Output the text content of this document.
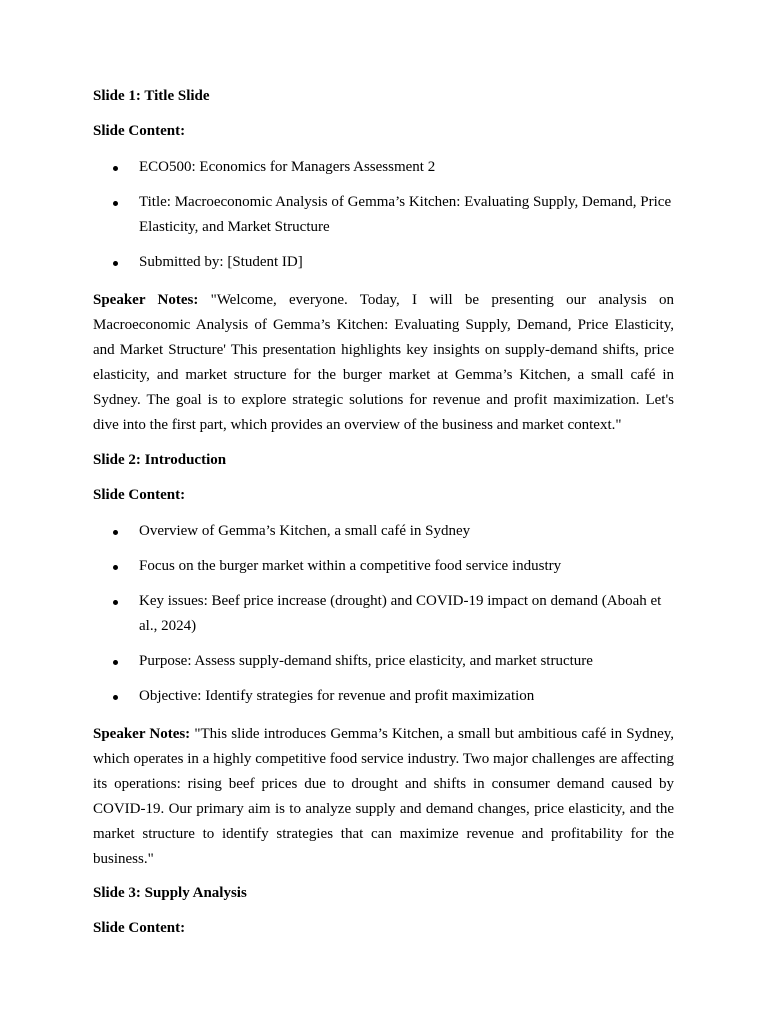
Slide 1: Title Slide
Slide Content:
ECO500: Economics for Managers Assessment 2
Title: Macroeconomic Analysis of Gemma’s Kitchen: Evaluating Supply, Demand, Price Elasticity, and Market Structure
Submitted by: [Student ID]

Speaker Notes: "Welcome, everyone. Today, I will be presenting our analysis on Macroeconomic Analysis of Gemma’s Kitchen: Evaluating Supply, Demand, Price Elasticity, and Market Structure' This presentation highlights key insights on supply-demand shifts, price elasticity, and market structure for the burger market at Gemma’s Kitchen, a small café in Sydney. The goal is to explore strategic solutions for revenue and profit maximization. Let's dive into the first part, which provides an overview of the business and market context."

Slide 2: Introduction
Slide Content:
Overview of Gemma’s Kitchen, a small café in Sydney
Focus on the burger market within a competitive food service industry
Key issues: Beef price increase (drought) and COVID-19 impact on demand (Aboah et al., 2024)
Purpose: Assess supply-demand shifts, price elasticity, and market structure
Objective: Identify strategies for revenue and profit maximization

Speaker Notes: "This slide introduces Gemma’s Kitchen, a small but ambitious café in Sydney, which operates in a highly competitive food service industry. Two major challenges are affecting its operations: rising beef prices due to drought and shifts in consumer demand caused by COVID-19. Our primary aim is to analyze supply and demand changes, price elasticity, and the market structure to identify strategies that can maximize revenue and profitability for the business."

Slide 3: Supply Analysis
Slide Content:
